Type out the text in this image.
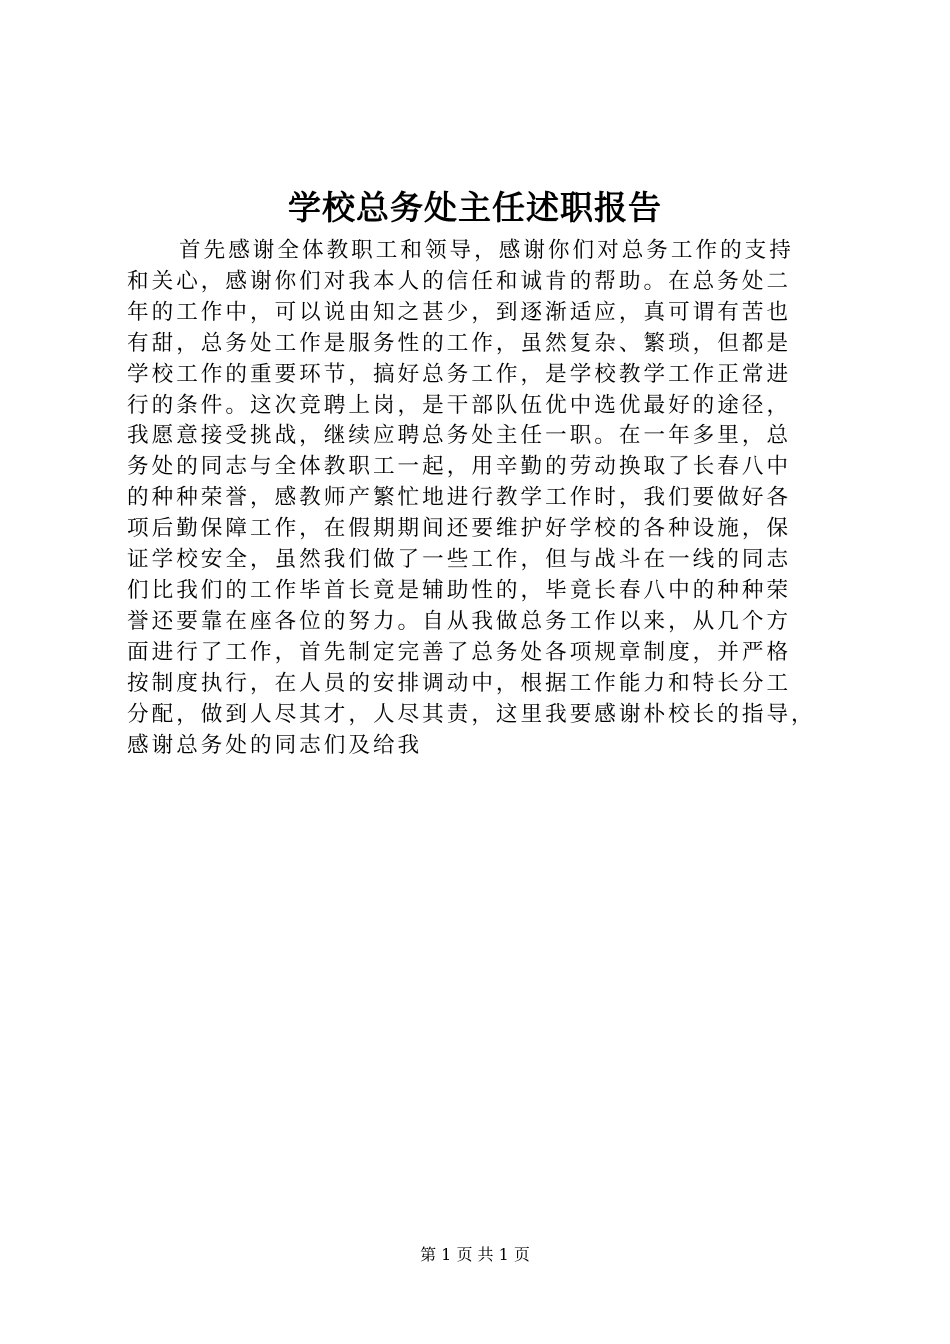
学校总务处主任述职报告
首先感谢全体教职工和领导，感谢你们对总务工作的支持
和关心，感谢你们对我本人的信任和诚肯的帮助。在总务处二
年的工作中，可以说由知之甚少，到逐渐适应，真可谓有苦也
有甜，总务处工作是服务性的工作，虽然复杂、繁琐，但都是
学校工作的重要环节，搞好总务工作，是学校教学工作正常进
行的条件。这次竞聘上岗，是干部队伍优中选优最好的途径，
我愿意接受挑战，继续应聘总务处主任一职。在一年多里，总
务处的同志与全体教职工一起，用辛勤的劳动换取了长春八中
的种种荣誉，感教师产繁忙地进行教学工作时，我们要做好各
项后勤保障工作，在假期期间还要维护好学校的各种设施，保
证学校安全，虽然我们做了一些工作，但与战斗在一线的同志
们比我们的工作毕首长竟是辅助性的，毕竟长春八中的种种荣
誉还要靠在座各位的努力。自从我做总务工作以来，从几个方
面进行了工作，首先制定完善了总务处各项规章制度，并严格
按制度执行，在人员的安排调动中，根据工作能力和特长分工
分配，做到人尽其才，人尽其责，这里我要感谢朴校长的指导，
感谢总务处的同志们及给我
第 1 页 共 1 页
